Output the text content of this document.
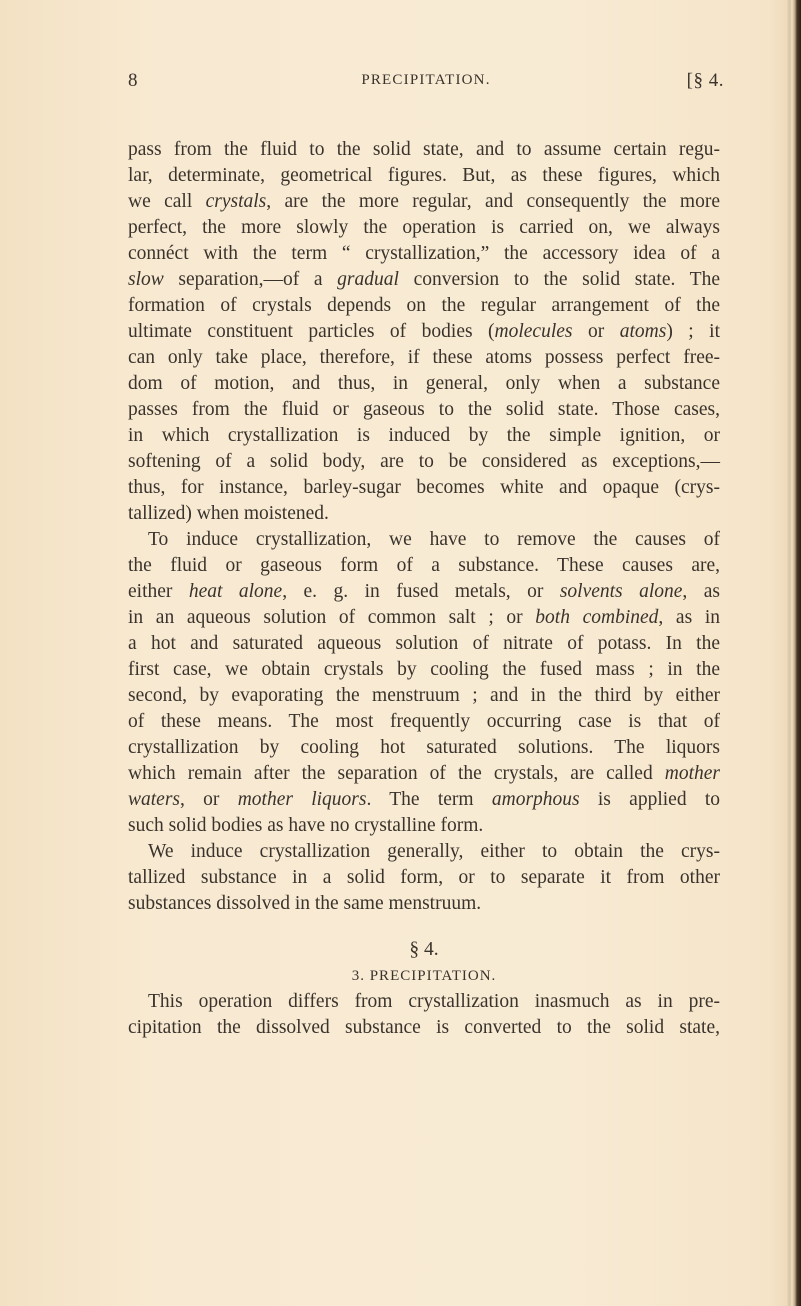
8	PRECIPITATION.	[§ 4.
pass from the fluid to the solid state, and to assume certain regu-
lar, determinate, geometrical figures. But, as these figures, which
we call crystals, are the more regular, and consequently the more
perfect, the more slowly the operation is carried on, we always
connéct with the term “ crystallization,” the accessory idea of a
slow separation,—of a gradual conversion to the solid state. The
formation of crystals depends on the regular arrangement of the
ultimate constituent particles of bodies (molecules or atoms) ; it
can only take place, therefore, if these atoms possess perfect free-
dom of motion, and thus, in general, only when a substance
passes from the fluid or gaseous to the solid state. Those cases,
in which crystallization is induced by the simple ignition, or
softening of a solid body, are to be considered as exceptions,—
thus, for instance, barley-sugar becomes white and opaque (crys-
tallized) when moistened.
To induce crystallization, we have to remove the causes of
the fluid or gaseous form of a substance. These causes are,
either heat alone, e. g. in fused metals, or solvents alone, as
in an aqueous solution of common salt ; or both combined, as in
a hot and saturated aqueous solution of nitrate of potass. In the
first case, we obtain crystals by cooling the fused mass ; in the
second, by evaporating the menstruum ; and in the third by either
of these means. The most frequently occurring case is that of
crystallization by cooling hot saturated solutions. The liquors
which remain after the separation of the crystals, are called mother
waters, or mother liquors. The term amorphous is applied to
such solid bodies as have no crystalline form.
We induce crystallization generally, either to obtain the crys-
tallized substance in a solid form, or to separate it from other
substances dissolved in the same menstruum.
§ 4.
3. PRECIPITATION.
This operation differs from crystallization inasmuch as in pre-
cipitation the dissolved substance is converted to the solid state,
